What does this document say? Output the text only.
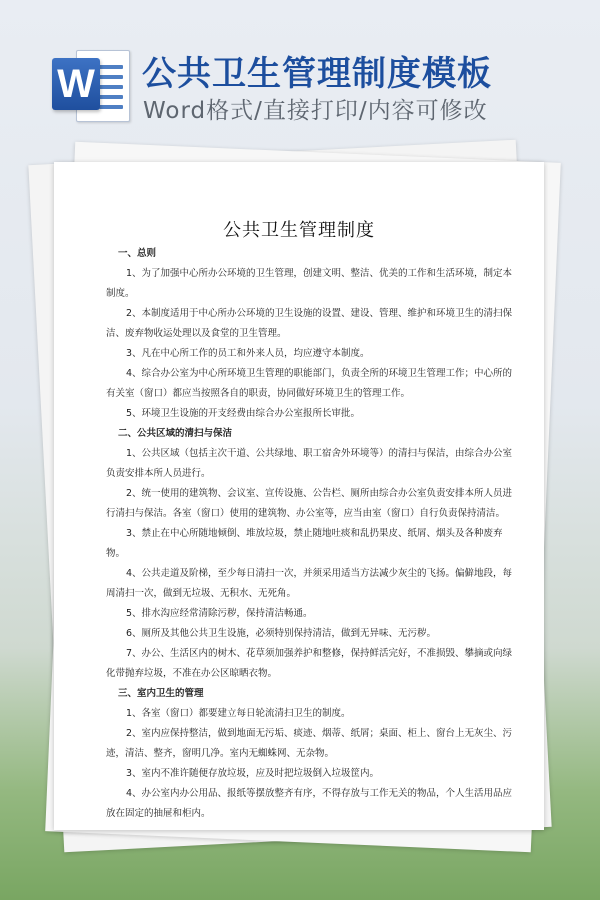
W 公共卫生管理制度模板
Word格式/直接打印/内容可修改
公共卫生管理制度
一、总则
1、为了加强中心所办公环境的卫生管理，创建文明、整洁、优美的工作和生活环境，制定本制度。
2、本制度适用于中心所办公环境的卫生设施的设置、建设、管理、维护和环境卫生的清扫保洁、废弃物收运处理以及食堂的卫生管理。
3、凡在中心所工作的员工和外来人员，均应遵守本制度。
4、综合办公室为中心所环境卫生管理的职能部门，负责全所的环境卫生管理工作；中心所的有关室（窗口）都应当按照各自的职责，协同做好环境卫生的管理工作。
5、环境卫生设施的开支经费由综合办公室报所长审批。
二、公共区域的清扫与保洁
1、公共区域（包括主次干道、公共绿地、职工宿舍外环境等）的清扫与保洁，由综合办公室负责安排本所人员进行。
2、统一使用的建筑物、会议室、宣传设施、公告栏、厕所由综合办公室负责安排本所人员进行清扫与保洁。各室（窗口）使用的建筑物、办公室等，应当由室（窗口）自行负责保持清洁。
3、禁止在中心所随地倾倒、堆放垃圾，禁止随地吐痰和乱扔果皮、纸屑、烟头及各种废弃物。
4、公共走道及阶梯，至少每日清扫一次，并须采用适当方法减少灰尘的飞扬。偏僻地段，每周清扫一次，做到无垃圾、无积水、无死角。
5、排水沟应经常清除污秽，保持清洁畅通。
6、厕所及其他公共卫生设施，必须特别保持清洁，做到无异味、无污秽。
7、办公、生活区内的树木、花草须加强养护和整修，保持鲜活完好，不准损毁、攀摘或向绿化带抛弃垃圾，不准在办公区晾晒衣物。
三、室内卫生的管理
1、各室（窗口）都要建立每日轮流清扫卫生的制度。
2、室内应保持整洁，做到地面无污垢、痰迹、烟蒂、纸屑；桌面、柜上、窗台上无灰尘、污迹，清洁、整齐，窗明几净。室内无蜘蛛网、无杂物。
3、室内不准许随便存放垃圾，应及时把垃圾倒入垃圾筐内。
4、办公室内办公用品、报纸等摆放整齐有序，不得存放与工作无关的物品，个人生活用品应放在固定的抽屉和柜内。
